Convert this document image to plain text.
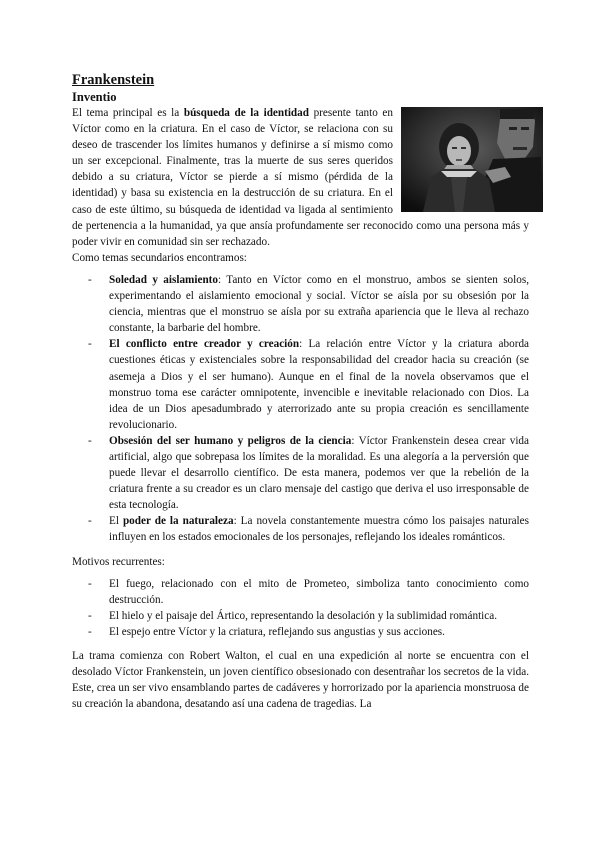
Frankenstein
Inventio

El tema principal es la búsqueda de la identidad presente tanto en Víctor como en la criatura. En el caso de Víctor, se relaciona con su deseo de trascender los límites humanos y definirse a sí mismo como un ser excepcional. Finalmente, tras la muerte de sus seres queridos debido a su criatura, Víctor se pierde a sí mismo (pérdida de la identidad) y basa su existencia en la destrucción de su criatura. En el caso de este último, su búsqueda de identidad va ligada al sentimiento de pertenencia a la humanidad, ya que ansía profundamente ser reconocido como una persona más y poder vivir en comunidad sin ser rechazado.

Como temas secundarios encontramos:

- Soledad y aislamiento: Tanto en Víctor como en el monstruo, ambos se sienten solos, experimentando el aislamiento emocional y social. Víctor se aísla por su obsesión por la ciencia, mientras que el monstruo se aísla por su extraña apariencia que le lleva al rechazo constante, la barbarie del hombre.
- El conflicto entre creador y creación: La relación entre Víctor y la criatura aborda cuestiones éticas y existenciales sobre la responsabilidad del creador hacia su creación (se asemeja a Dios y el ser humano). Aunque en el final de la novela observamos que el monstruo toma ese carácter omnipotente, invencible e inevitable relacionado con Dios. La idea de un Dios apesadumbrado y aterrorizado ante su propia creación es sencillamente revolucionario.
- Obsesión del ser humano y peligros de la ciencia: Víctor Frankenstein desea crear vida artificial, algo que sobrepasa los límites de la moralidad. Es una alegoría a la perversión que puede llevar el desarrollo científico. De esta manera, podemos ver que la rebelión de la criatura frente a su creador es un claro mensaje del castigo que deriva el uso irresponsable de esta tecnología.
- El poder de la naturaleza: La novela constantemente muestra cómo los paisajes naturales influyen en los estados emocionales de los personajes, reflejando los ideales románticos.

Motivos recurrentes:

- El fuego, relacionado con el mito de Prometeo, simboliza tanto conocimiento como destrucción.
- El hielo y el paisaje del Ártico, representando la desolación y la sublimidad romántica.
- El espejo entre Víctor y la criatura, reflejando sus angustias y sus acciones.

La trama comienza con Robert Walton, el cual en una expedición al norte se encuentra con el desolado Víctor Frankenstein, un joven científico obsesionado con desentrañar los secretos de la vida. Este, crea un ser vivo ensamblando partes de cadáveres y horrorizado por la apariencia monstruosa de su creación la abandona, desatando así una cadena de tragedias. La
